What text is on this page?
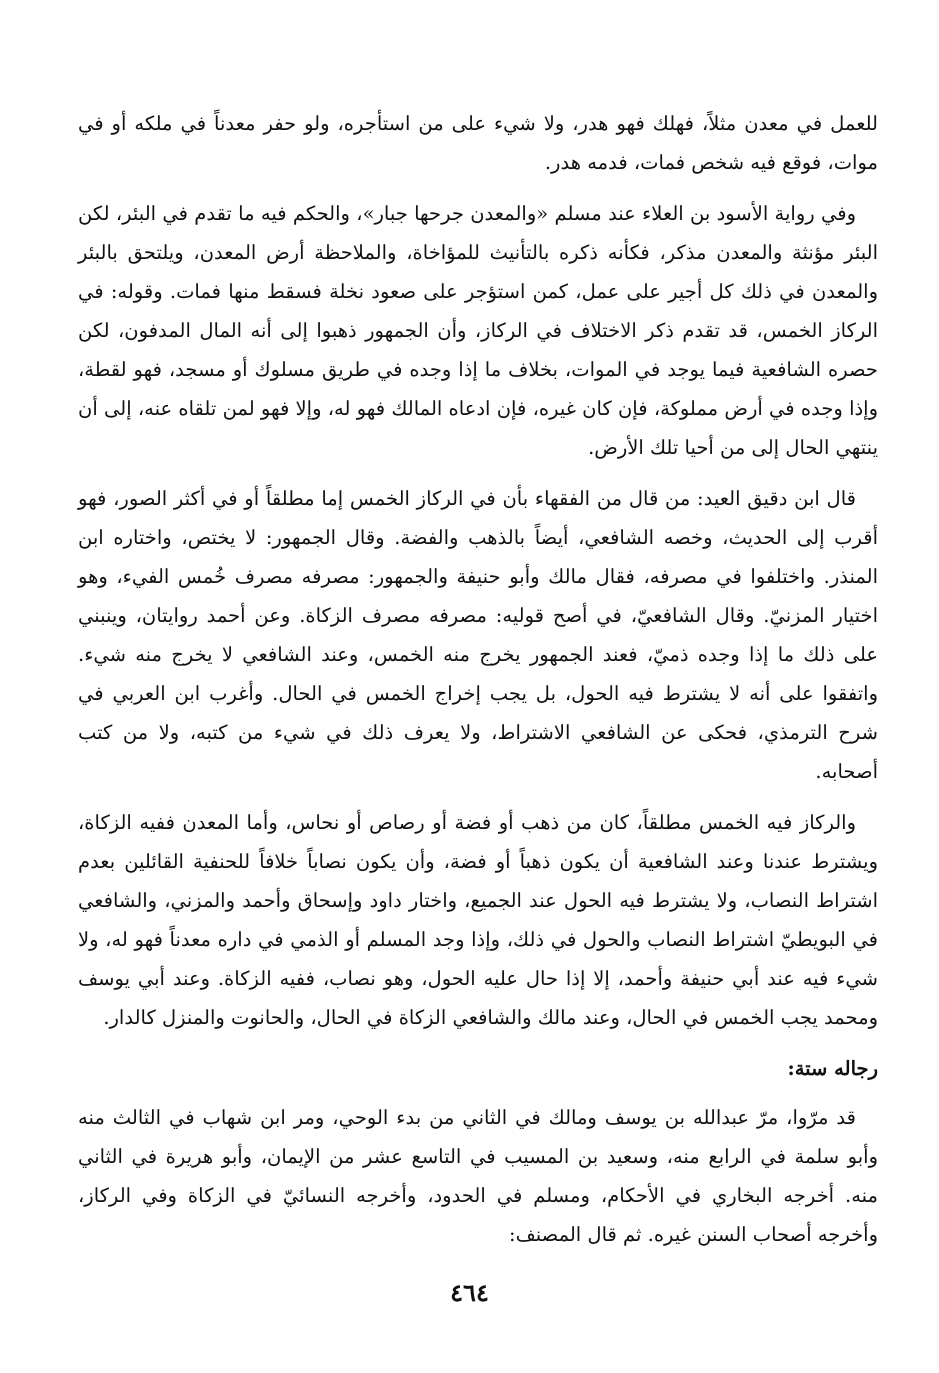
للعمل في معدن مثلاً، فهلك فهو هدر، ولا شيء على من استأجره، ولو حفر معدناً في ملكه أو في موات، فوقع فيه شخص فمات، فدمه هدر.

وفي رواية الأسود بن العلاء عند مسلم «والمعدن جرحها جبار»، والحكم فيه ما تقدم في البئر، لكن البئر مؤنثة والمعدن مذكر، فكأنه ذكره بالتأنيث للمؤاخاة، والملاحظة أرض المعدن، ويلتحق بالبئر والمعدن في ذلك كل أجير على عمل، كمن استؤجر على صعود نخلة فسقط منها فمات. وقوله: في الركاز الخمس، قد تقدم ذكر الاختلاف في الركاز، وأن الجمهور ذهبوا إلى أنه المال المدفون، لكن حصره الشافعية فيما يوجد في الموات، بخلاف ما إذا وجده في طريق مسلوك أو مسجد، فهو لقطة، وإذا وجده في أرض مملوكة، فإن كان غيره، فإن ادعاه المالك فهو له، وإلا فهو لمن تلقاه عنه، إلى أن ينتهي الحال إلى من أحيا تلك الأرض.

قال ابن دقيق العيد: من قال من الفقهاء بأن في الركاز الخمس إما مطلقاً أو في أكثر الصور، فهو أقرب إلى الحديث، وخصه الشافعي، أيضاً بالذهب والفضة. وقال الجمهور: لا يختص، واختاره ابن المنذر. واختلفوا في مصرفه، فقال مالك وأبو حنيفة والجمهور: مصرفه مصرف خُمس الفيء، وهو اختيار المزنيّ. وقال الشافعيّ، في أصح قوليه: مصرفه مصرف الزكاة. وعن أحمد روايتان، وينبني على ذلك ما إذا وجده ذميّ، فعند الجمهور يخرج منه الخمس، وعند الشافعي لا يخرج منه شيء. واتفقوا على أنه لا يشترط فيه الحول، بل يجب إخراج الخمس في الحال. وأغرب ابن العربي في شرح الترمذي، فحكى عن الشافعي الاشتراط، ولا يعرف ذلك في شيء من كتبه، ولا من كتب أصحابه.

والركاز فيه الخمس مطلقاً، كان من ذهب أو فضة أو رصاص أو نحاس، وأما المعدن ففيه الزكاة، ويشترط عندنا وعند الشافعية أن يكون ذهباً أو فضة، وأن يكون نصاباً خلافاً للحنفية القائلين بعدم اشتراط النصاب، ولا يشترط فيه الحول عند الجميع، واختار داود وإسحاق وأحمد والمزني، والشافعي في البويطيّ اشتراط النصاب والحول في ذلك، وإذا وجد المسلم أو الذمي في داره معدناً فهو له، ولا شيء فيه عند أبي حنيفة وأحمد، إلا إذا حال عليه الحول، وهو نصاب، ففيه الزكاة. وعند أبي يوسف ومحمد يجب الخمس في الحال، وعند مالك والشافعي الزكاة في الحال، والحانوت والمنزل كالدار.

رجاله ستة:

قد مرّوا، مرّ عبدالله بن يوسف ومالك في الثاني من بدء الوحي، ومر ابن شهاب في الثالث منه وأبو سلمة في الرابع منه، وسعيد بن المسيب في التاسع عشر من الإيمان، وأبو هريرة في الثاني منه. أخرجه البخاري في الأحكام، ومسلم في الحدود، وأخرجه النسائيّ في الزكاة وفي الركاز، وأخرجه أصحاب السنن غيره. ثم قال المصنف:

٤٦٤
